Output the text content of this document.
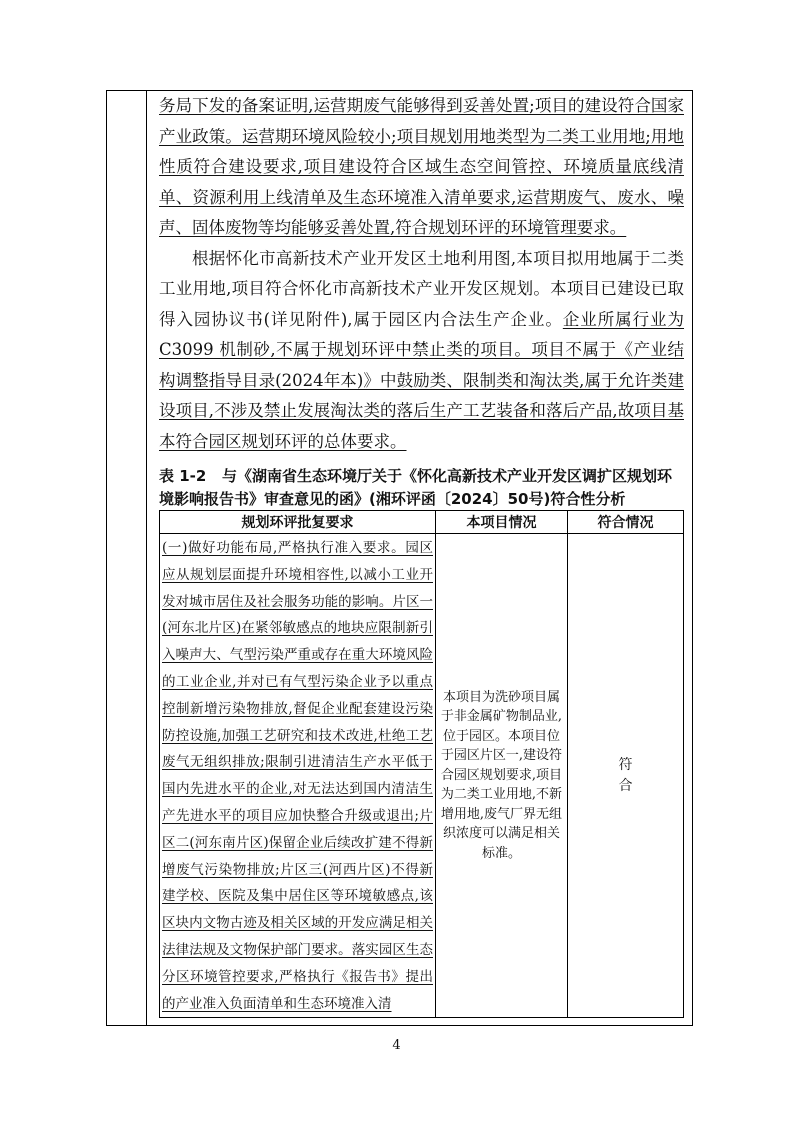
务局下发的备案证明,运营期废气能够得到妥善处置;项目的建设符合国家产业政策。运营期环境风险较小;项目规划用地类型为二类工业用地;用地性质符合建设要求,项目建设符合区域生态空间管控、环境质量底线清单、资源利用上线清单及生态环境准入清单要求,运营期废气、废水、噪声、固体废物等均能够妥善处置,符合规划环评的环境管理要求。

根据怀化市高新技术产业开发区土地利用图,本项目拟用地属于二类工业用地,项目符合怀化市高新技术产业开发区规划。本项目已建设已取得入园协议书(详见附件),属于园区内合法生产企业。企业所属行业为C3099 机制砂,不属于规划环评中禁止类的项目。项目不属于《产业结构调整指导目录(2024年本)》中鼓励类、限制类和淘汰类,属于允许类建设项目,不涉及禁止发展淘汰类的落后生产工艺装备和落后产品,故项目基本符合园区规划环评的总体要求。

表 1-2 与《湖南省生态环境厅关于《怀化高新技术产业开发区调扩区规划环境影响报告书》审查意见的函》(湘环评函〔2024〕50号)符合性分析
规划环评批复要求	本项目情况	符合情况
(一)做好功能布局,严格执行准入要求。园区应从规划层面提升环境相容性,以减小工业开发对城市居住及社会服务功能的影响。片区一(河东北片区)在紧邻敏感点的地块应限制新引入噪声大、气型污染严重或存在重大环境风险的工业企业,并对已有气型污染企业予以重点控制新增污染物排放,督促企业配套建设污染防控设施,加强工艺研究和技术改进,杜绝工艺废气无组织排放;限制引进清洁生产水平低于国内先进水平的企业,对无法达到国内清洁生产先进水平的项目应加快整合升级或退出;片区二(河东南片区)保留企业后续改扩建不得新增废气污染物排放;片区三(河西片区)不得新建学校、医院及集中居住区等环境敏感点,该区块内文物古迹及相关区域的开发应满足相关法律法规及文物保护部门要求。落实园区生态分区环境管控要求,严格执行《报告书》提出的产业准入负面清单和生态环境准入清	本项目为洗砂项目属于非金属矿物制品业,位于园区。本项目位于园区片区一,建设符合园区规划要求,项目为二类工业用地,不新增用地,废气厂界无组织浓度可以满足相关标准。	符合
4
